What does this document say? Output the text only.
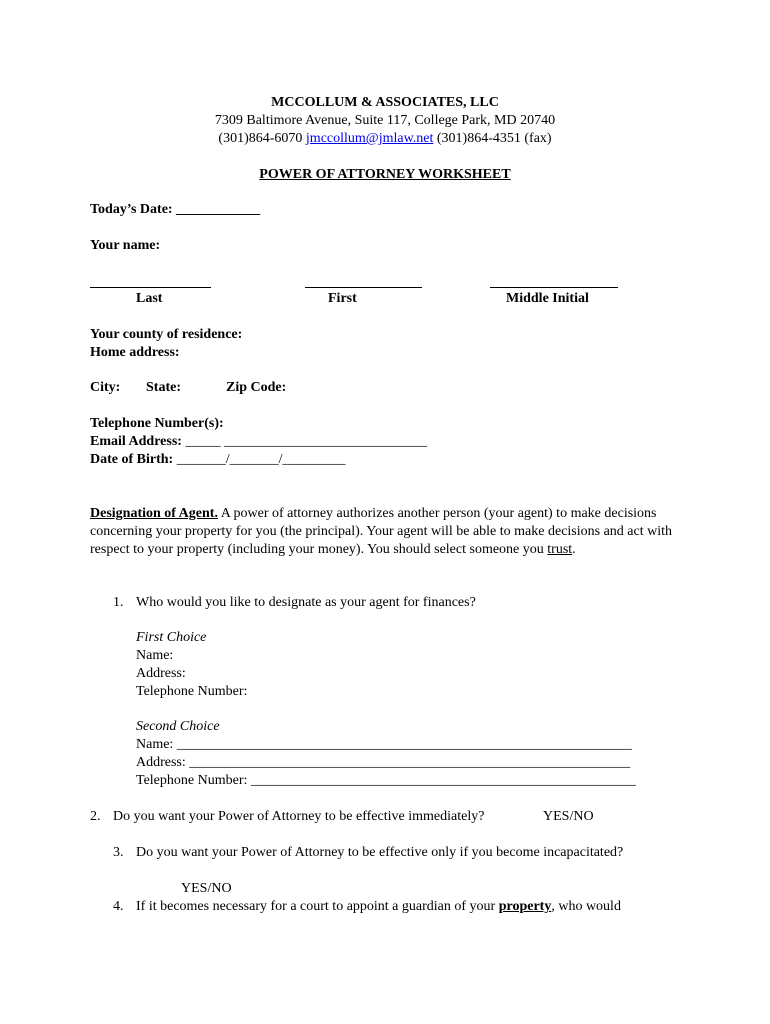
MCCOLLUM & ASSOCIATES, LLC
7309 Baltimore Avenue, Suite 117, College Park, MD 20740
(301)864-6070 jmccollum@jmlaw.net (301)864-4351 (fax)
POWER OF ATTORNEY WORKSHEET
Today’s Date: ____________
Your name:
Last	First	Middle Initial
Your county of residence:
Home address:
City: State:	Zip Code:
Telephone Number(s):
Email Address: _____ _____________________________
Date of Birth: _______/_______/_________
Designation of Agent. A power of attorney authorizes another person (your agent) to make decisions concerning your property for you (the principal). Your agent will be able to make decisions and act with respect to your property (including your money). You should select someone you trust.
1. Who would you like to designate as your agent for finances?
First Choice
Name:
Address:
Telephone Number:
Second Choice
Name: _________________________________________________________________
Address: _______________________________________________________________
Telephone Number: _______________________________________________________
2. Do you want your Power of Attorney to be effective immediately?	YES/NO
3. Do you want your Power of Attorney to be effective only if you become incapacitated?
YES/NO
4. If it becomes necessary for a court to appoint a guardian of your property, who would
